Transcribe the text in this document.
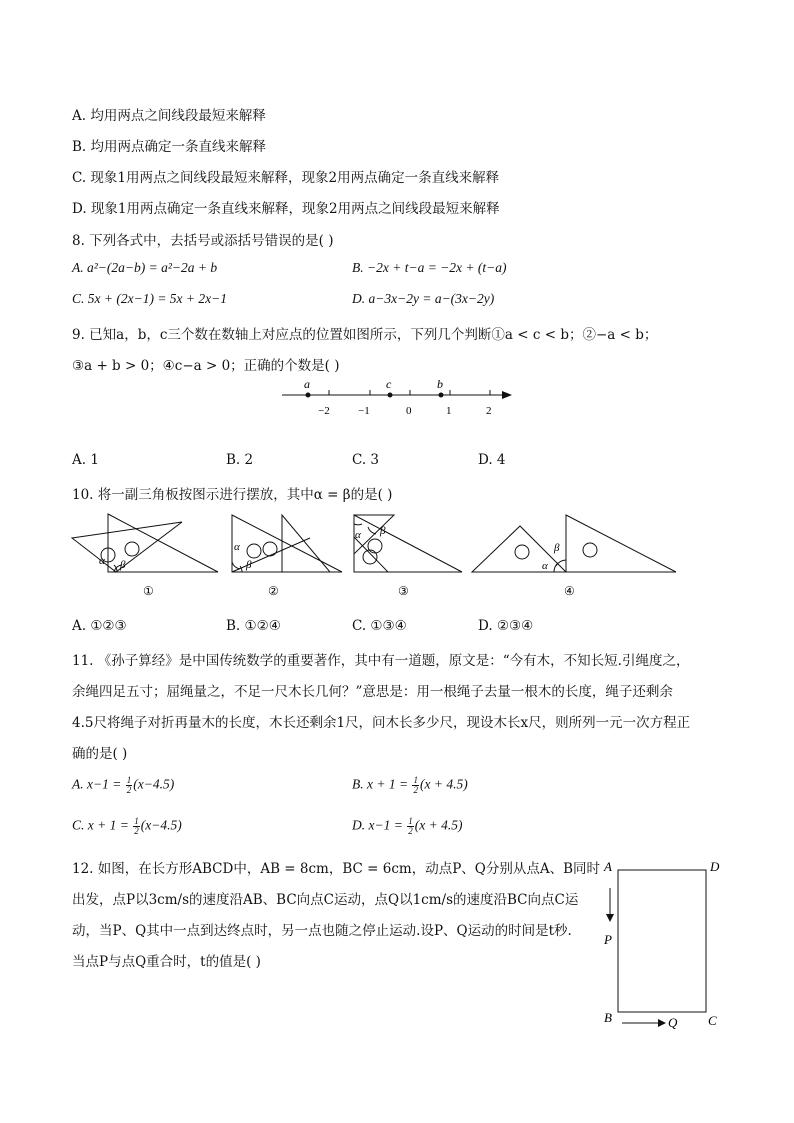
A. 均用两点之间线段最短来解释
B. 均用两点确定一条直线来解释
C. 现象1用两点之间线段最短来解释，现象2用两点确定一条直线来解释
D. 现象1用两点确定一条直线来解释，现象2用两点之间线段最短来解释
8. 下列各式中，去括号或添括号错误的是( )
A. a²−(2a−b) = a²−2a + b	B. −2x + t−a = −2x + (t−a)
C. 5x + (2x−1) = 5x + 2x−1	D. a−3x−2y = a−(3x−2y)
9. 已知a，b，c三个数在数轴上对应点的位置如图所示，下列几个判断①a < c < b；②−a < b；
③a + b > 0；④c−a > 0；正确的个数是( )
−2	−1	0	1	2
a	c	b
A. 1	B. 2	C. 3	D. 4
10. 将一副三角板按图示进行摆放，其中α = β的是( )
α β
α
β
α β
α
β
①	②	③	④
A. ①②③	B. ①②④	C. ①③④	D. ②③④
11. 《孙子算经》是中国传统数学的重要著作，其中有一道题，原文是：“今有木，不知长短.引绳度之，
余绳四足五寸；屈绳量之，不足一尺木长几何？”意思是：用一根绳子去量一根木的长度，绳子还剩余
4.5尺将绳子对折再量木的长度，木长还剩余1尺，问木长多少尺，现设木长x尺，则所列一元一次方程正
确的是( )
A. $x-1 = \frac{1}{2} (x-4.5)$	B. $x + 1 = \frac{1}{2} (x + 4.5)$
C. $x + 1 = \frac{1}{2} (x-4.5)$	D. $x-1 = \frac{1}{2} (x + 4.5)$
12. 如图，在长方形ABCD中，AB = 8cm，BC = 6cm，动点P、Q分别从点A、B同时
出发，点P以3cm/s的速度沿AB、BC向点C运动，点Q以1cm/s的速度沿BC向点C运
动，当P、Q其中一点到达终点时，另一点也随之停止运动.设P、Q运动的时间是t秒.
当点P与点Q重合时，t的值是( )
A	D
P
B	Q C
